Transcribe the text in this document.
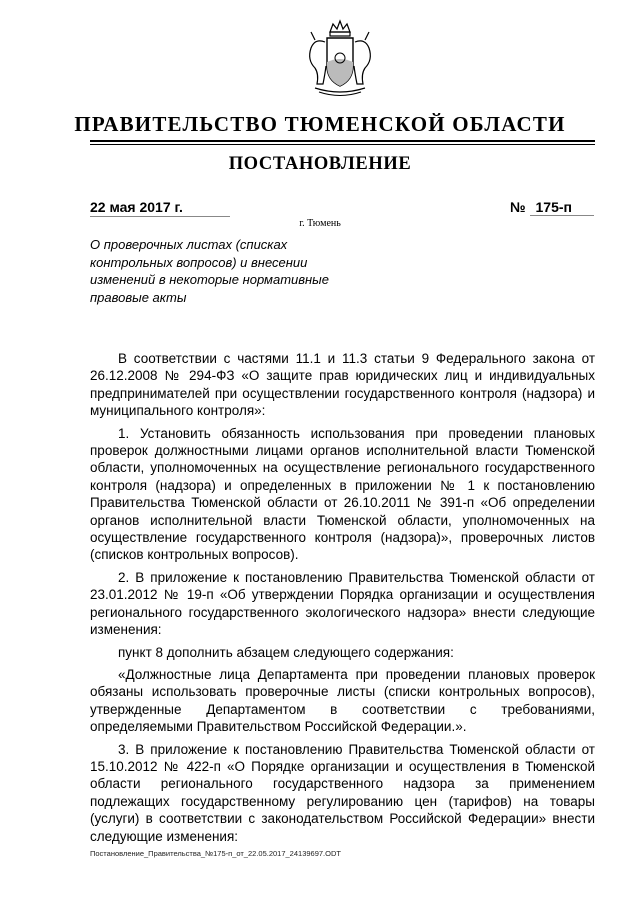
ПРАВИТЕЛЬСТВО ТЮМЕНСКОЙ ОБЛАСТИ
ПОСТАНОВЛЕНИЕ
22 мая 2017 г.	№ 175-п
г. Тюмень
О проверочных листах (списках контрольных вопросов) и внесении изменений в некоторые нормативные правовые акты

В соответствии с частями 11.1 и 11.3 статьи 9 Федерального закона от 26.12.2008 № 294-ФЗ «О защите прав юридических лиц и индивидуальных предпринимателей при осуществлении государственного контроля (надзора) и муниципального контроля»:

1. Установить обязанность использования при проведении плановых проверок должностными лицами органов исполнительной власти Тюменской области, уполномоченных на осуществление регионального государственного контроля (надзора) и определенных в приложении № 1 к постановлению Правительства Тюменской области от 26.10.2011 № 391-п «Об определении органов исполнительной власти Тюменской области, уполномоченных на осуществление государственного контроля (надзора)», проверочных листов (списков контрольных вопросов).

2. В приложение к постановлению Правительства Тюменской области от 23.01.2012 № 19-п «Об утверждении Порядка организации и осуществления регионального государственного экологического надзора» внести следующие изменения:

пункт 8 дополнить абзацем следующего содержания:

«Должностные лица Департамента при проведении плановых проверок обязаны использовать проверочные листы (списки контрольных вопросов), утвержденные Департаментом в соответствии с требованиями, определяемыми Правительством Российской Федерации.».

3. В приложение к постановлению Правительства Тюменской области от 15.10.2012 № 422-п «О Порядке организации и осуществления в Тюменской области регионального государственного надзора за применением подлежащих государственному регулированию цен (тарифов) на товары (услуги) в соответствии с законодательством Российской Федерации» внести следующие изменения:

Постановление_Правительства_№175-п_от_22.05.2017_24139697.ODT
